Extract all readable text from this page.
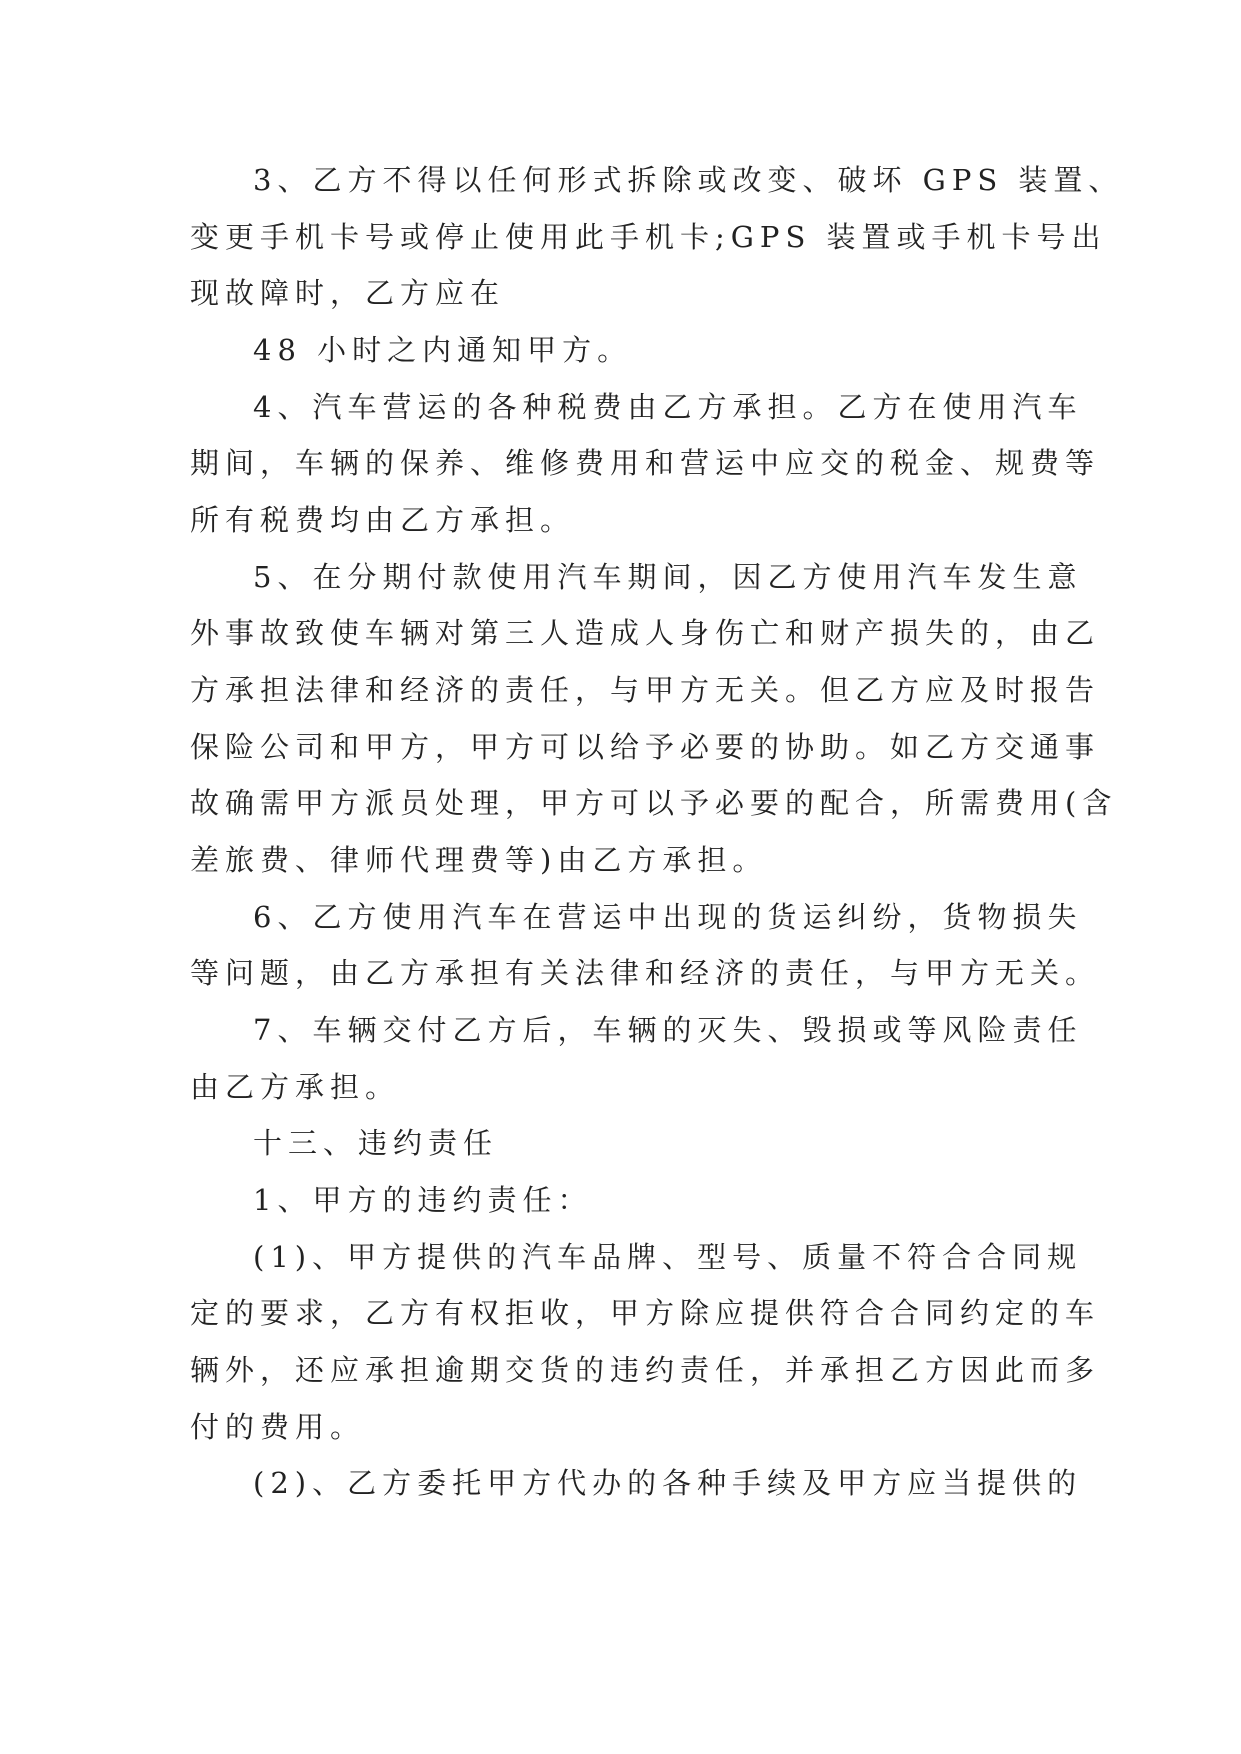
3、乙方不得以任何形式拆除或改变、破坏 GPS 装置、
变更手机卡号或停止使用此手机卡;GPS 装置或手机卡号出
现故障时，乙方应在
48 小时之内通知甲方。
4、汽车营运的各种税费由乙方承担。乙方在使用汽车
期间，车辆的保养、维修费用和营运中应交的税金、规费等
所有税费均由乙方承担。
5、在分期付款使用汽车期间，因乙方使用汽车发生意
外事故致使车辆对第三人造成人身伤亡和财产损失的，由乙
方承担法律和经济的责任，与甲方无关。但乙方应及时报告
保险公司和甲方，甲方可以给予必要的协助。如乙方交通事
故确需甲方派员处理，甲方可以予必要的配合，所需费用(含
差旅费、律师代理费等)由乙方承担。
6、乙方使用汽车在营运中出现的货运纠纷，货物损失
等问题，由乙方承担有关法律和经济的责任，与甲方无关。
7、车辆交付乙方后，车辆的灭失、毁损或等风险责任
由乙方承担。
十三、违约责任
1、甲方的违约责任：
(1)、甲方提供的汽车品牌、型号、质量不符合合同规
定的要求，乙方有权拒收，甲方除应提供符合合同约定的车
辆外，还应承担逾期交货的违约责任，并承担乙方因此而多
付的费用。
(2)、乙方委托甲方代办的各种手续及甲方应当提供的
